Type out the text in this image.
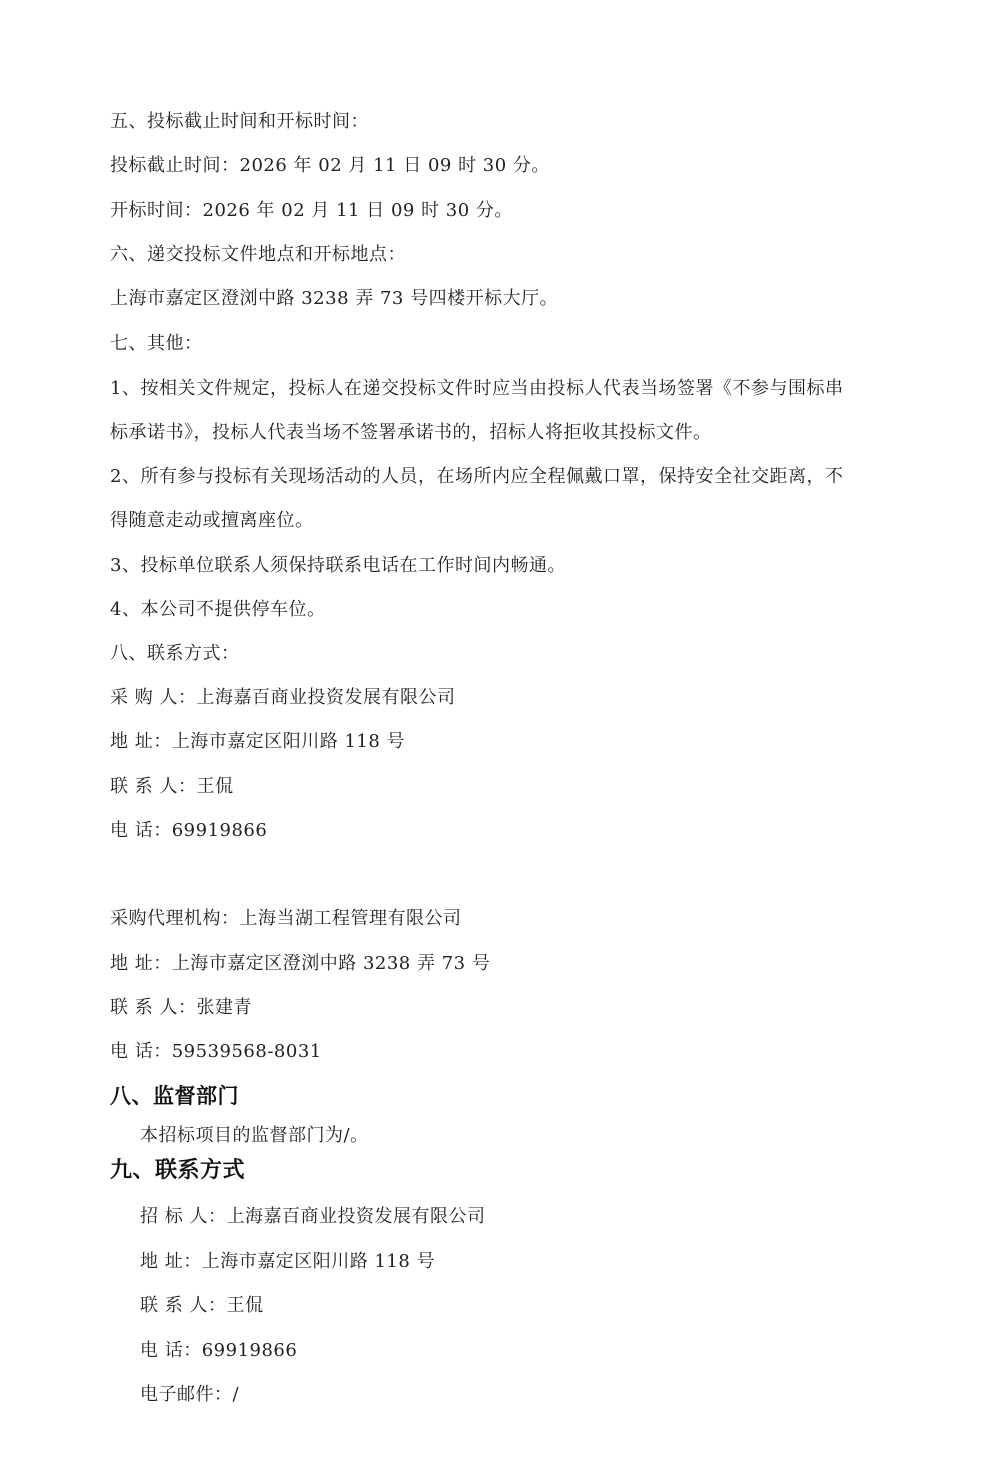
五、投标截止时间和开标时间：
投标截止时间：2026 年 02 月 11 日 09 时 30 分。
开标时间：2026 年 02 月 11 日 09 时 30 分。
六、递交投标文件地点和开标地点：
上海市嘉定区澄浏中路 3238 弄 73 号四楼开标大厅。
七、其他：
1、按相关文件规定，投标人在递交投标文件时应当由投标人代表当场签署《不参与围标串
标承诺书》，投标人代表当场不签署承诺书的，招标人将拒收其投标文件。
2、所有参与投标有关现场活动的人员，在场所内应全程佩戴口罩，保持安全社交距离，不
得随意走动或擅离座位。
3、投标单位联系人须保持联系电话在工作时间内畅通。
4、本公司不提供停车位。
八、联系方式：
采 购 人：上海嘉百商业投资发展有限公司
地 址：上海市嘉定区阳川路 118 号
联 系 人：王侃
电 话：69919866
采购代理机构：上海当湖工程管理有限公司
地 址：上海市嘉定区澄浏中路 3238 弄 73 号
联 系 人：张建青
电 话：59539568-8031
八、监督部门
本招标项目的监督部门为/。
九、联系方式
招 标 人：上海嘉百商业投资发展有限公司
地 址：上海市嘉定区阳川路 118 号
联 系 人：王侃
电 话：69919866
电子邮件：/
